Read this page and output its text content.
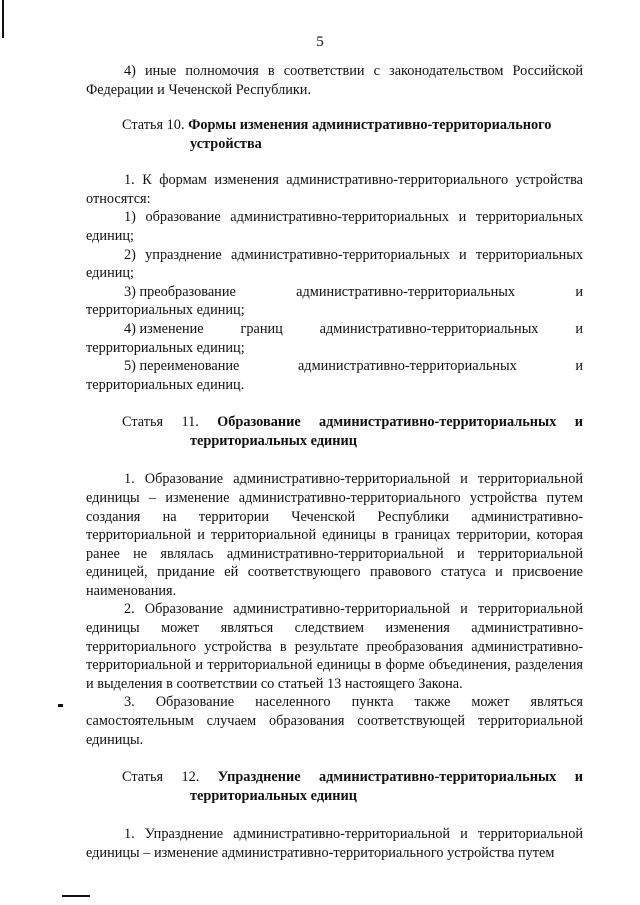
5

4) иные полномочия в соответствии с законодательством Российской Федерации и Чеченской Республики.

Статья 10. Формы изменения административно-территориального
устройства

1. К формам изменения административно-территориального устройства относятся:

1) образование административно-территориальных и территориальных единиц;

2) упразднение административно-территориальных и территориальных единиц;

3) преобразование	административно-территориальных	и

территориальных единиц;

4) изменение	границ	административно-территориальных	и

территориальных единиц;

5) переименование	административно-территориальных	и

территориальных единиц.

Статья 11. Образование административно-территориальных и
территориальных единиц

1. Образование административно-территориальной и территориальной единицы – изменение административно-территориального устройства путем создания на территории Чеченской Республики административно-территориальной и территориальной единицы в границах территории, которая ранее не являлась административно-территориальной и территориальной единицей, придание ей соответствующего правового статуса и присвоение наименования.

2. Образование административно-территориальной и территориальной единицы может являться следствием изменения административно-территориального устройства в результате преобразования административно-территориальной и территориальной единицы в форме объединения, разделения и выделения в соответствии со статьей 13 настоящего Закона.

3. Образование населенного пункта также может являться самостоятельным случаем образования соответствующей территориальной единицы.

Статья 12. Упразднение административно-территориальных и
территориальных единиц

1. Упразднение административно-территориальной и территориальной единицы – изменение административно-территориального устройства путем
